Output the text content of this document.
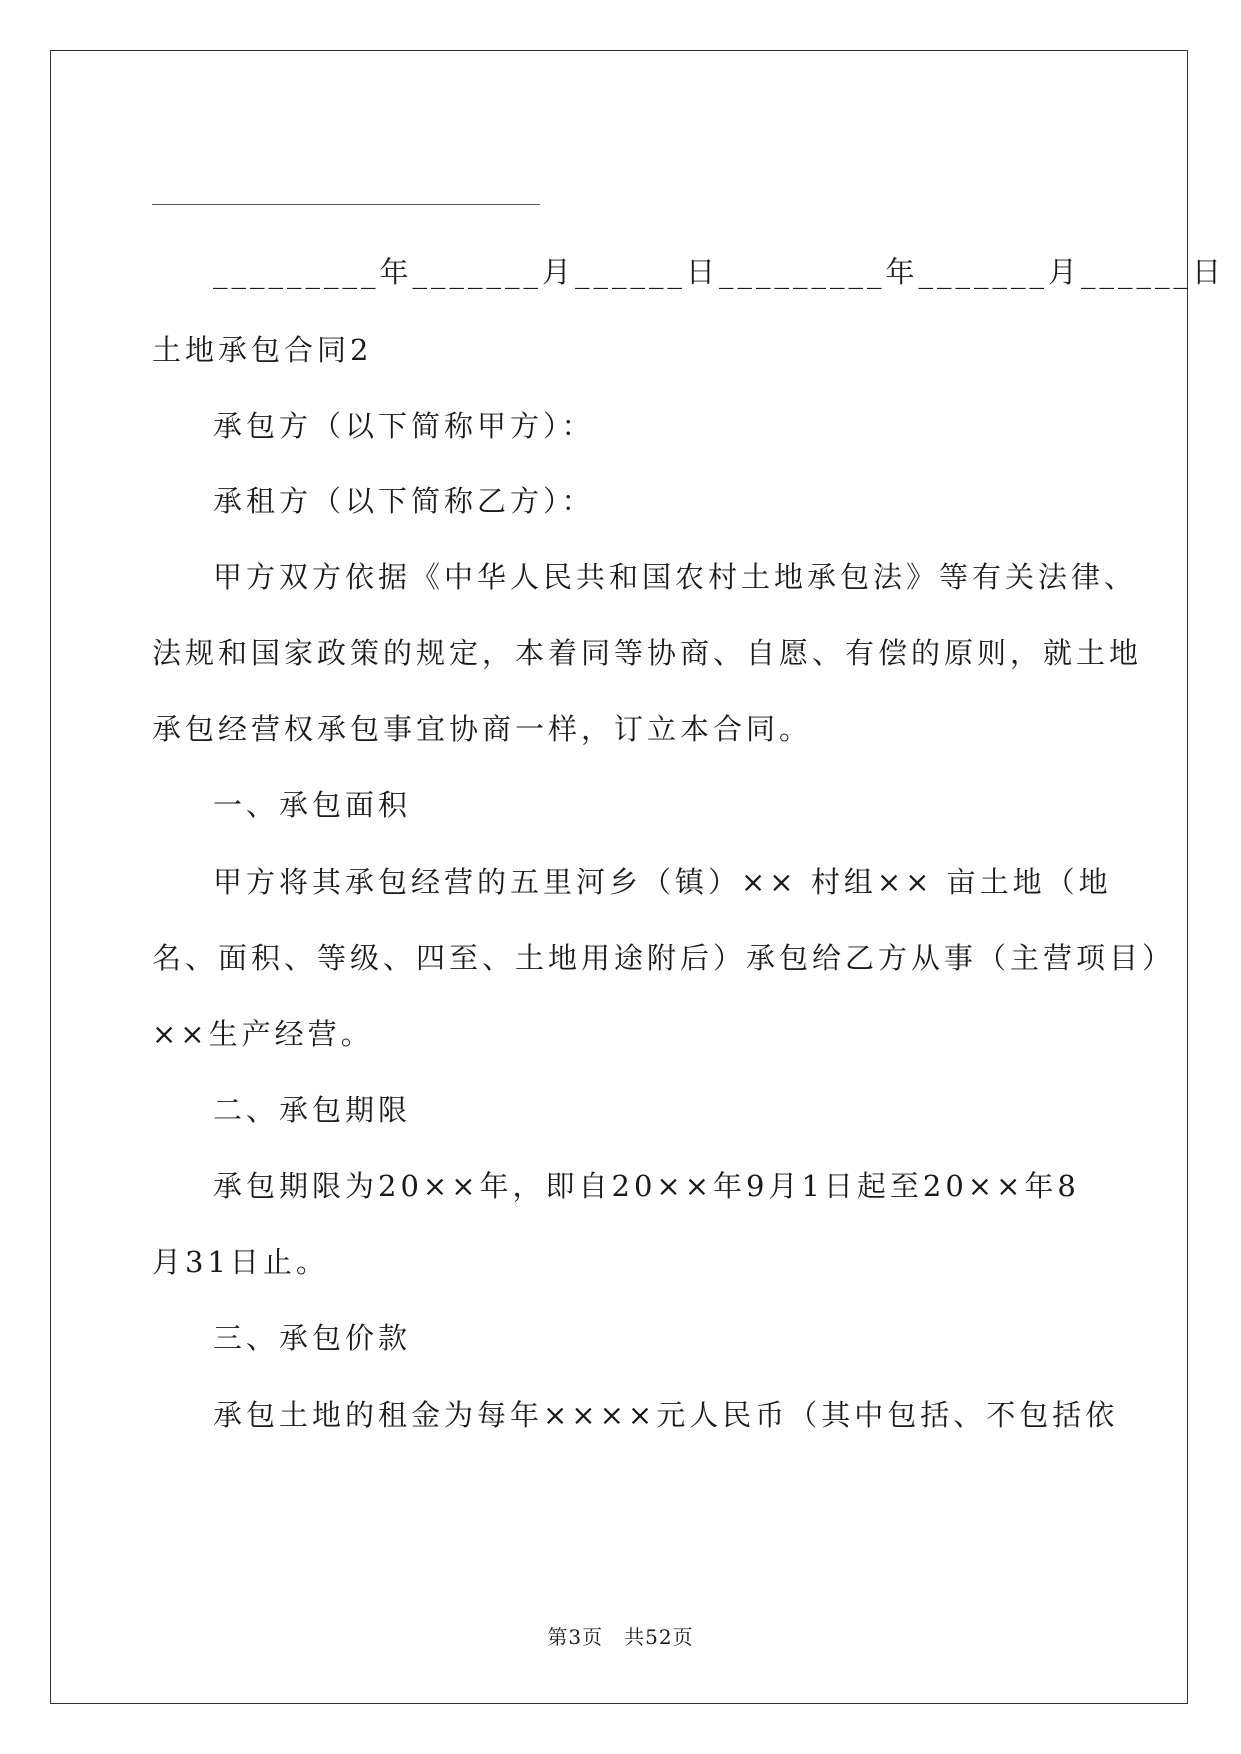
_________年_______月______日_________年_______月______日
土地承包合同2
承包方（以下简称甲方）：
承租方（以下简称乙方）：
甲方双方依据《中华人民共和国农村土地承包法》等有关法律、
法规和国家政策的规定，本着同等协商、自愿、有偿的原则，就土地
承包经营权承包事宜协商一样，订立本合同。
一、承包面积
甲方将其承包经营的五里河乡（镇）×× 村组×× 亩土地（地
名、面积、等级、四至、土地用途附后）承包给乙方从事（主营项目）
××生产经营。
二、承包期限
承包期限为20××年，即自20××年9月1日起至20××年8
月31日止。
三、承包价款
承包土地的租金为每年××××元人民币（其中包括、不包括依
第3页　共52页
